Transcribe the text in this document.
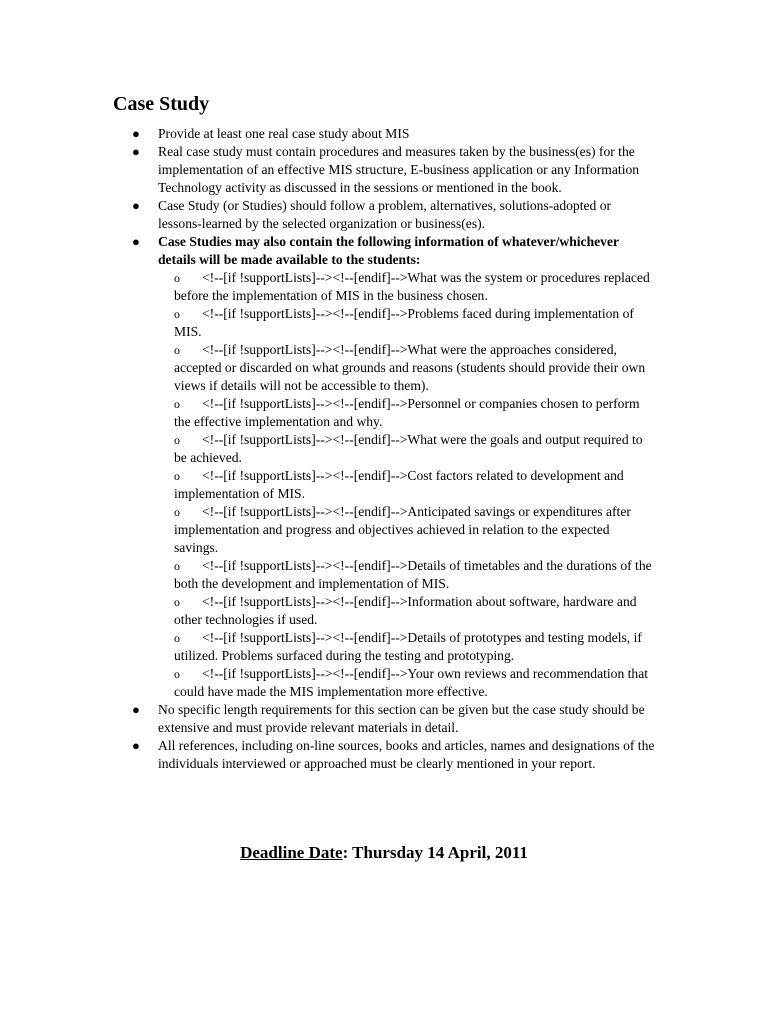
Case Study
● Provide at least one real case study about MIS
● Real case study must contain procedures and measures taken by the business(es) for the implementation of an effective MIS structure, E-business application or any Information Technology activity as discussed in the sessions or mentioned in the book.
● Case Study (or Studies) should follow a problem, alternatives, solutions-adopted or lessons-learned by the selected organization or business(es).
● Case Studies may also contain the following information of whatever/whichever details will be made available to the students:
o <!--[if !supportLists]--><!--[endif]-->What was the system or procedures replaced before the implementation of MIS in the business chosen.
o <!--[if !supportLists]--><!--[endif]-->Problems faced during implementation of MIS.
o <!--[if !supportLists]--><!--[endif]-->What were the approaches considered, accepted or discarded on what grounds and reasons (students should provide their own views if details will not be accessible to them).
o <!--[if !supportLists]--><!--[endif]-->Personnel or companies chosen to perform the effective implementation and why.
o <!--[if !supportLists]--><!--[endif]-->What were the goals and output required to be achieved.
o <!--[if !supportLists]--><!--[endif]-->Cost factors related to development and implementation of MIS.
o <!--[if !supportLists]--><!--[endif]-->Anticipated savings or expenditures after implementation and progress and objectives achieved in relation to the expected savings.
o <!--[if !supportLists]--><!--[endif]-->Details of timetables and the durations of the both the development and implementation of MIS.
o <!--[if !supportLists]--><!--[endif]-->Information about software, hardware and other technologies if used.
o <!--[if !supportLists]--><!--[endif]-->Details of prototypes and testing models, if utilized. Problems surfaced during the testing and prototyping.
o <!--[if !supportLists]--><!--[endif]-->Your own reviews and recommendation that could have made the MIS implementation more effective.
● No specific length requirements for this section can be given but the case study should be extensive and must provide relevant materials in detail.
● All references, including on-line sources, books and articles, names and designations of the individuals interviewed or approached must be clearly mentioned in your report.
Deadline Date: Thursday 14 April, 2011
